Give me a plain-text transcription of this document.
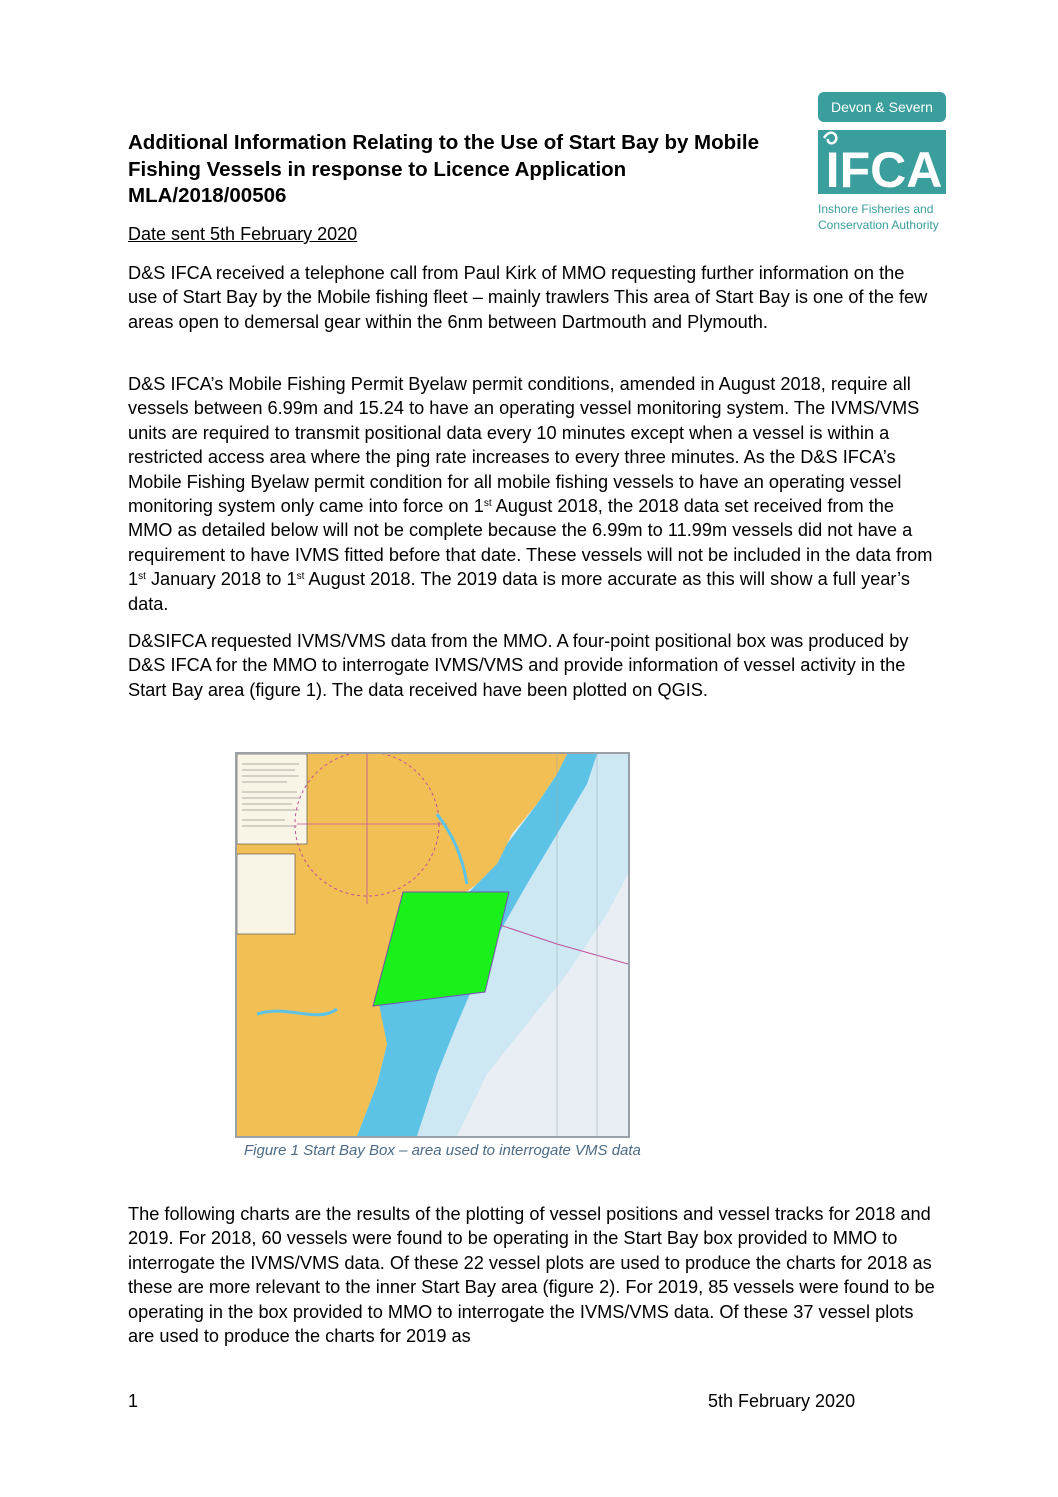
Additional Information Relating to the Use of Start Bay by Mobile
Fishing Vessels in response to Licence Application
MLA/2018/00506
Devon & Severn
IFCA
Inshore Fisheries and
Conservation Authority
Date sent 5th February 2020

D&S IFCA received a telephone call from Paul Kirk of MMO requesting further information on the use of Start Bay by the Mobile fishing fleet – mainly trawlers This area of Start Bay is one of the few areas open to demersal gear within the 6nm between Dartmouth and Plymouth.

D&S IFCA’s Mobile Fishing Permit Byelaw permit conditions, amended in August 2018, require all vessels between 6.99m and 15.24 to have an operating vessel monitoring system. The IVMS/VMS units are required to transmit positional data every 10 minutes except when a vessel is within a restricted access area where the ping rate increases to every three minutes. As the D&S IFCA’s Mobile Fishing Byelaw permit condition for all mobile fishing vessels to have an operating vessel monitoring system only came into force on 1st August 2018, the 2018 data set received from the MMO as detailed below will not be complete because the 6.99m to 11.99m vessels did not have a requirement to have IVMS fitted before that date. These vessels will not be included in the data from 1st January 2018 to 1st August 2018. The 2019 data is more accurate as this will show a full year’s data.

D&SIFCA requested IVMS/VMS data from the MMO. A four-point positional box was produced by D&S IFCA for the MMO to interrogate IVMS/VMS and provide information of vessel activity in the Start Bay area (figure 1). The data received have been plotted on QGIS.

Figure 1 Start Bay Box – area used to interrogate VMS data

The following charts are the results of the plotting of vessel positions and vessel tracks for 2018 and 2019. For 2018, 60 vessels were found to be operating in the Start Bay box provided to MMO to interrogate the IVMS/VMS data. Of these 22 vessel plots are used to produce the charts for 2018 as these are more relevant to the inner Start Bay area (figure 2). For 2019, 85 vessels were found to be operating in the box provided to MMO to interrogate the IVMS/VMS data. Of these 37 vessel plots are used to produce the charts for 2019 as

1	5th February 2020
